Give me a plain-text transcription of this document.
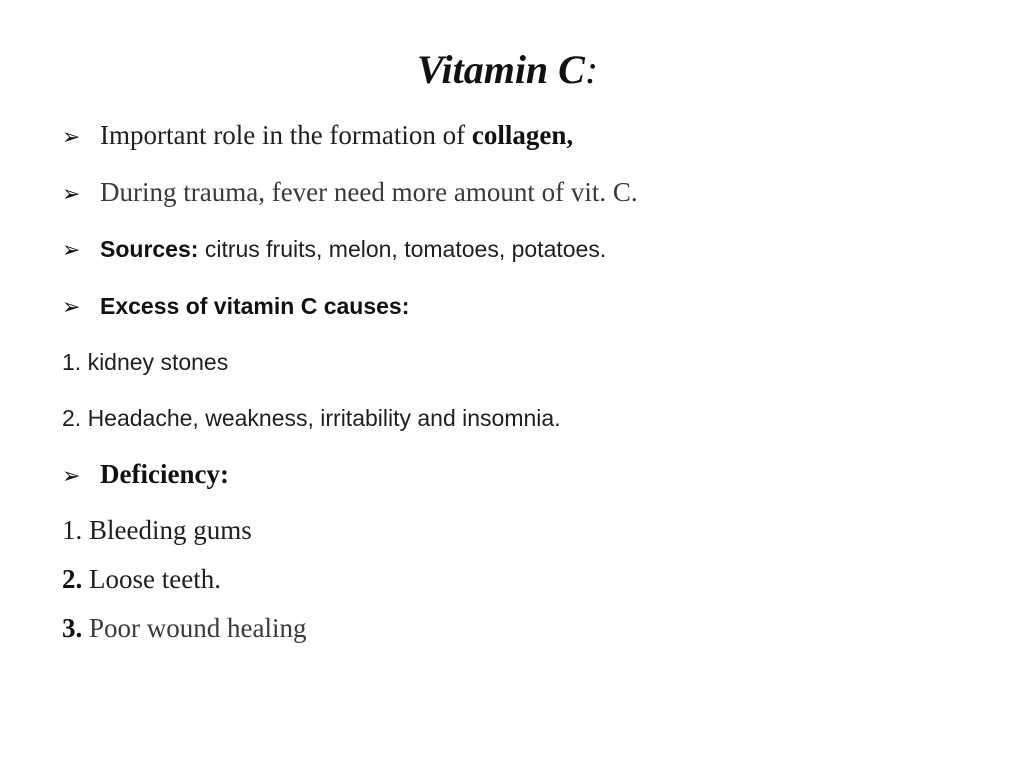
Vitamin C:
➢ Important role in the formation of collagen,
➢ During trauma, fever need more amount of vit. C.
➢ Sources: citrus fruits, melon, tomatoes, potatoes.
➢ Excess of vitamin C causes:
1. kidney stones
2. Headache, weakness, irritability and insomnia.
➢ Deficiency:
1. Bleeding gums
2. Loose teeth.
3. Poor wound healing
